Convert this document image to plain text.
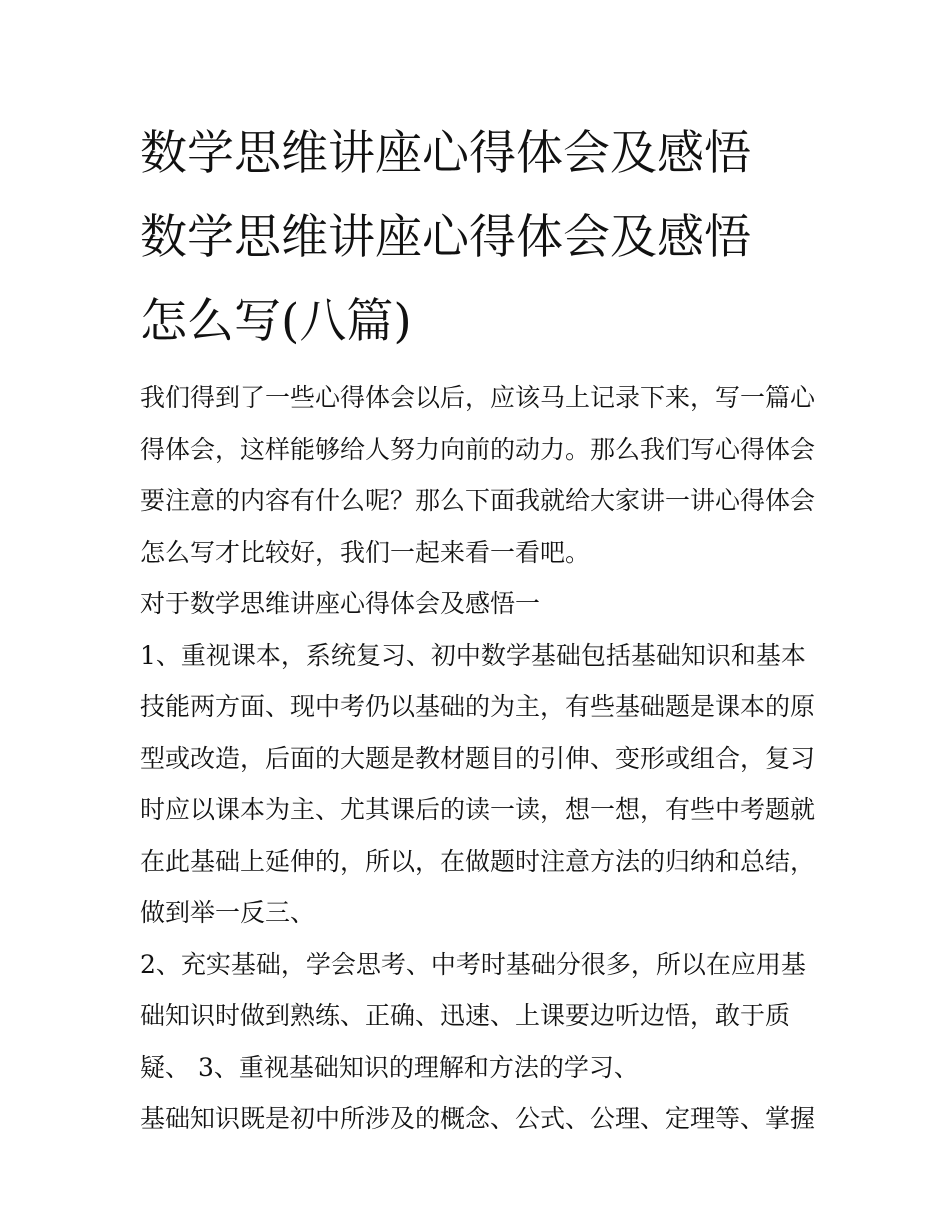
数学思维讲座心得体会及感悟
数学思维讲座心得体会及感悟
怎么写(八篇)
我们得到了一些心得体会以后，应该马上记录下来，写一篇心
得体会，这样能够给人努力向前的动力。那么我们写心得体会
要注意的内容有什么呢？那么下面我就给大家讲一讲心得体会
怎么写才比较好，我们一起来看一看吧。
对于数学思维讲座心得体会及感悟一
1、重视课本，系统复习、初中数学基础包括基础知识和基本
技能两方面、现中考仍以基础的为主，有些基础题是课本的原
型或改造，后面的大题是教材题目的引伸、变形或组合，复习
时应以课本为主、尤其课后的读一读，想一想，有些中考题就
在此基础上延伸的，所以，在做题时注意方法的归纳和总结，
做到举一反三、
2、充实基础，学会思考、中考时基础分很多，所以在应用基
础知识时做到熟练、正确、迅速、上课要边听边悟，敢于质
疑、 3、重视基础知识的理解和方法的学习、
基础知识既是初中所涉及的概念、公式、公理、定理等、掌握
